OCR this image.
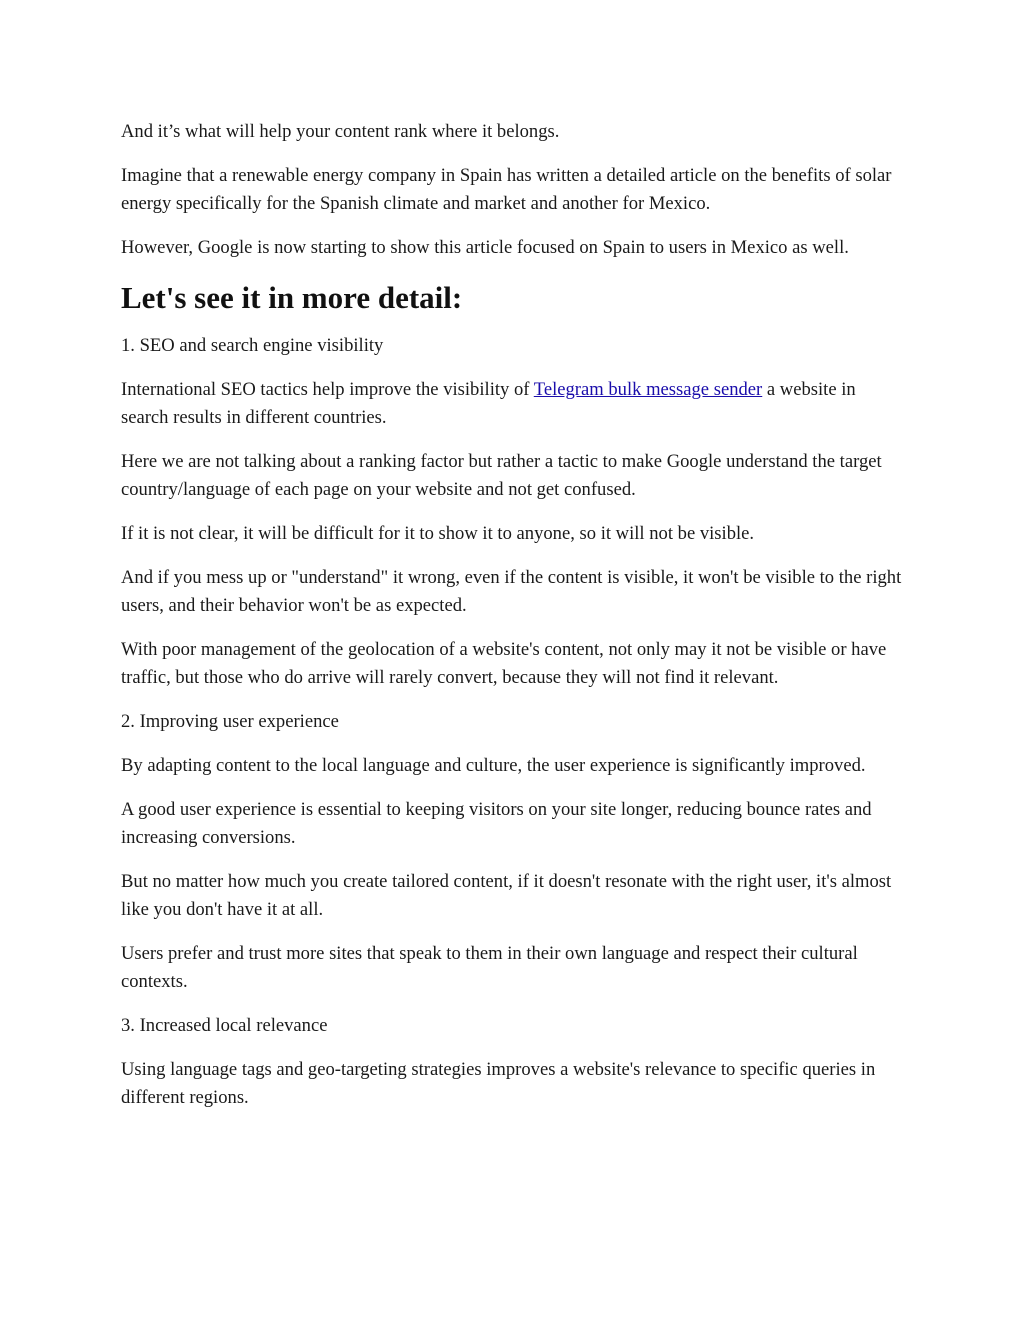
And it’s what will help your content rank where it belongs.

Imagine that a renewable energy company in Spain has written a detailed article on the benefits of solar energy specifically for the Spanish climate and market and another for Mexico.

However, Google is now starting to show this article focused on Spain to users in Mexico as well.

Let's see it in more detail:

1. SEO and search engine visibility

International SEO tactics help improve the visibility of Telegram bulk message sender a website in search results in different countries.

Here we are not talking about a ranking factor but rather a tactic to make Google understand the target country/language of each page on your website and not get confused.

If it is not clear, it will be difficult for it to show it to anyone, so it will not be visible.

And if you mess up or "understand" it wrong, even if the content is visible, it won't be visible to the right users, and their behavior won't be as expected.

With poor management of the geolocation of a website's content, not only may it not be visible or have traffic, but those who do arrive will rarely convert, because they will not find it relevant.

2. Improving user experience

By adapting content to the local language and culture, the user experience is significantly improved.

A good user experience is essential to keeping visitors on your site longer, reducing bounce rates and increasing conversions.

But no matter how much you create tailored content, if it doesn't resonate with the right user, it's almost like you don't have it at all.

Users prefer and trust more sites that speak to them in their own language and respect their cultural contexts.

3. Increased local relevance

Using language tags and geo-targeting strategies improves a website's relevance to specific queries in different regions.
